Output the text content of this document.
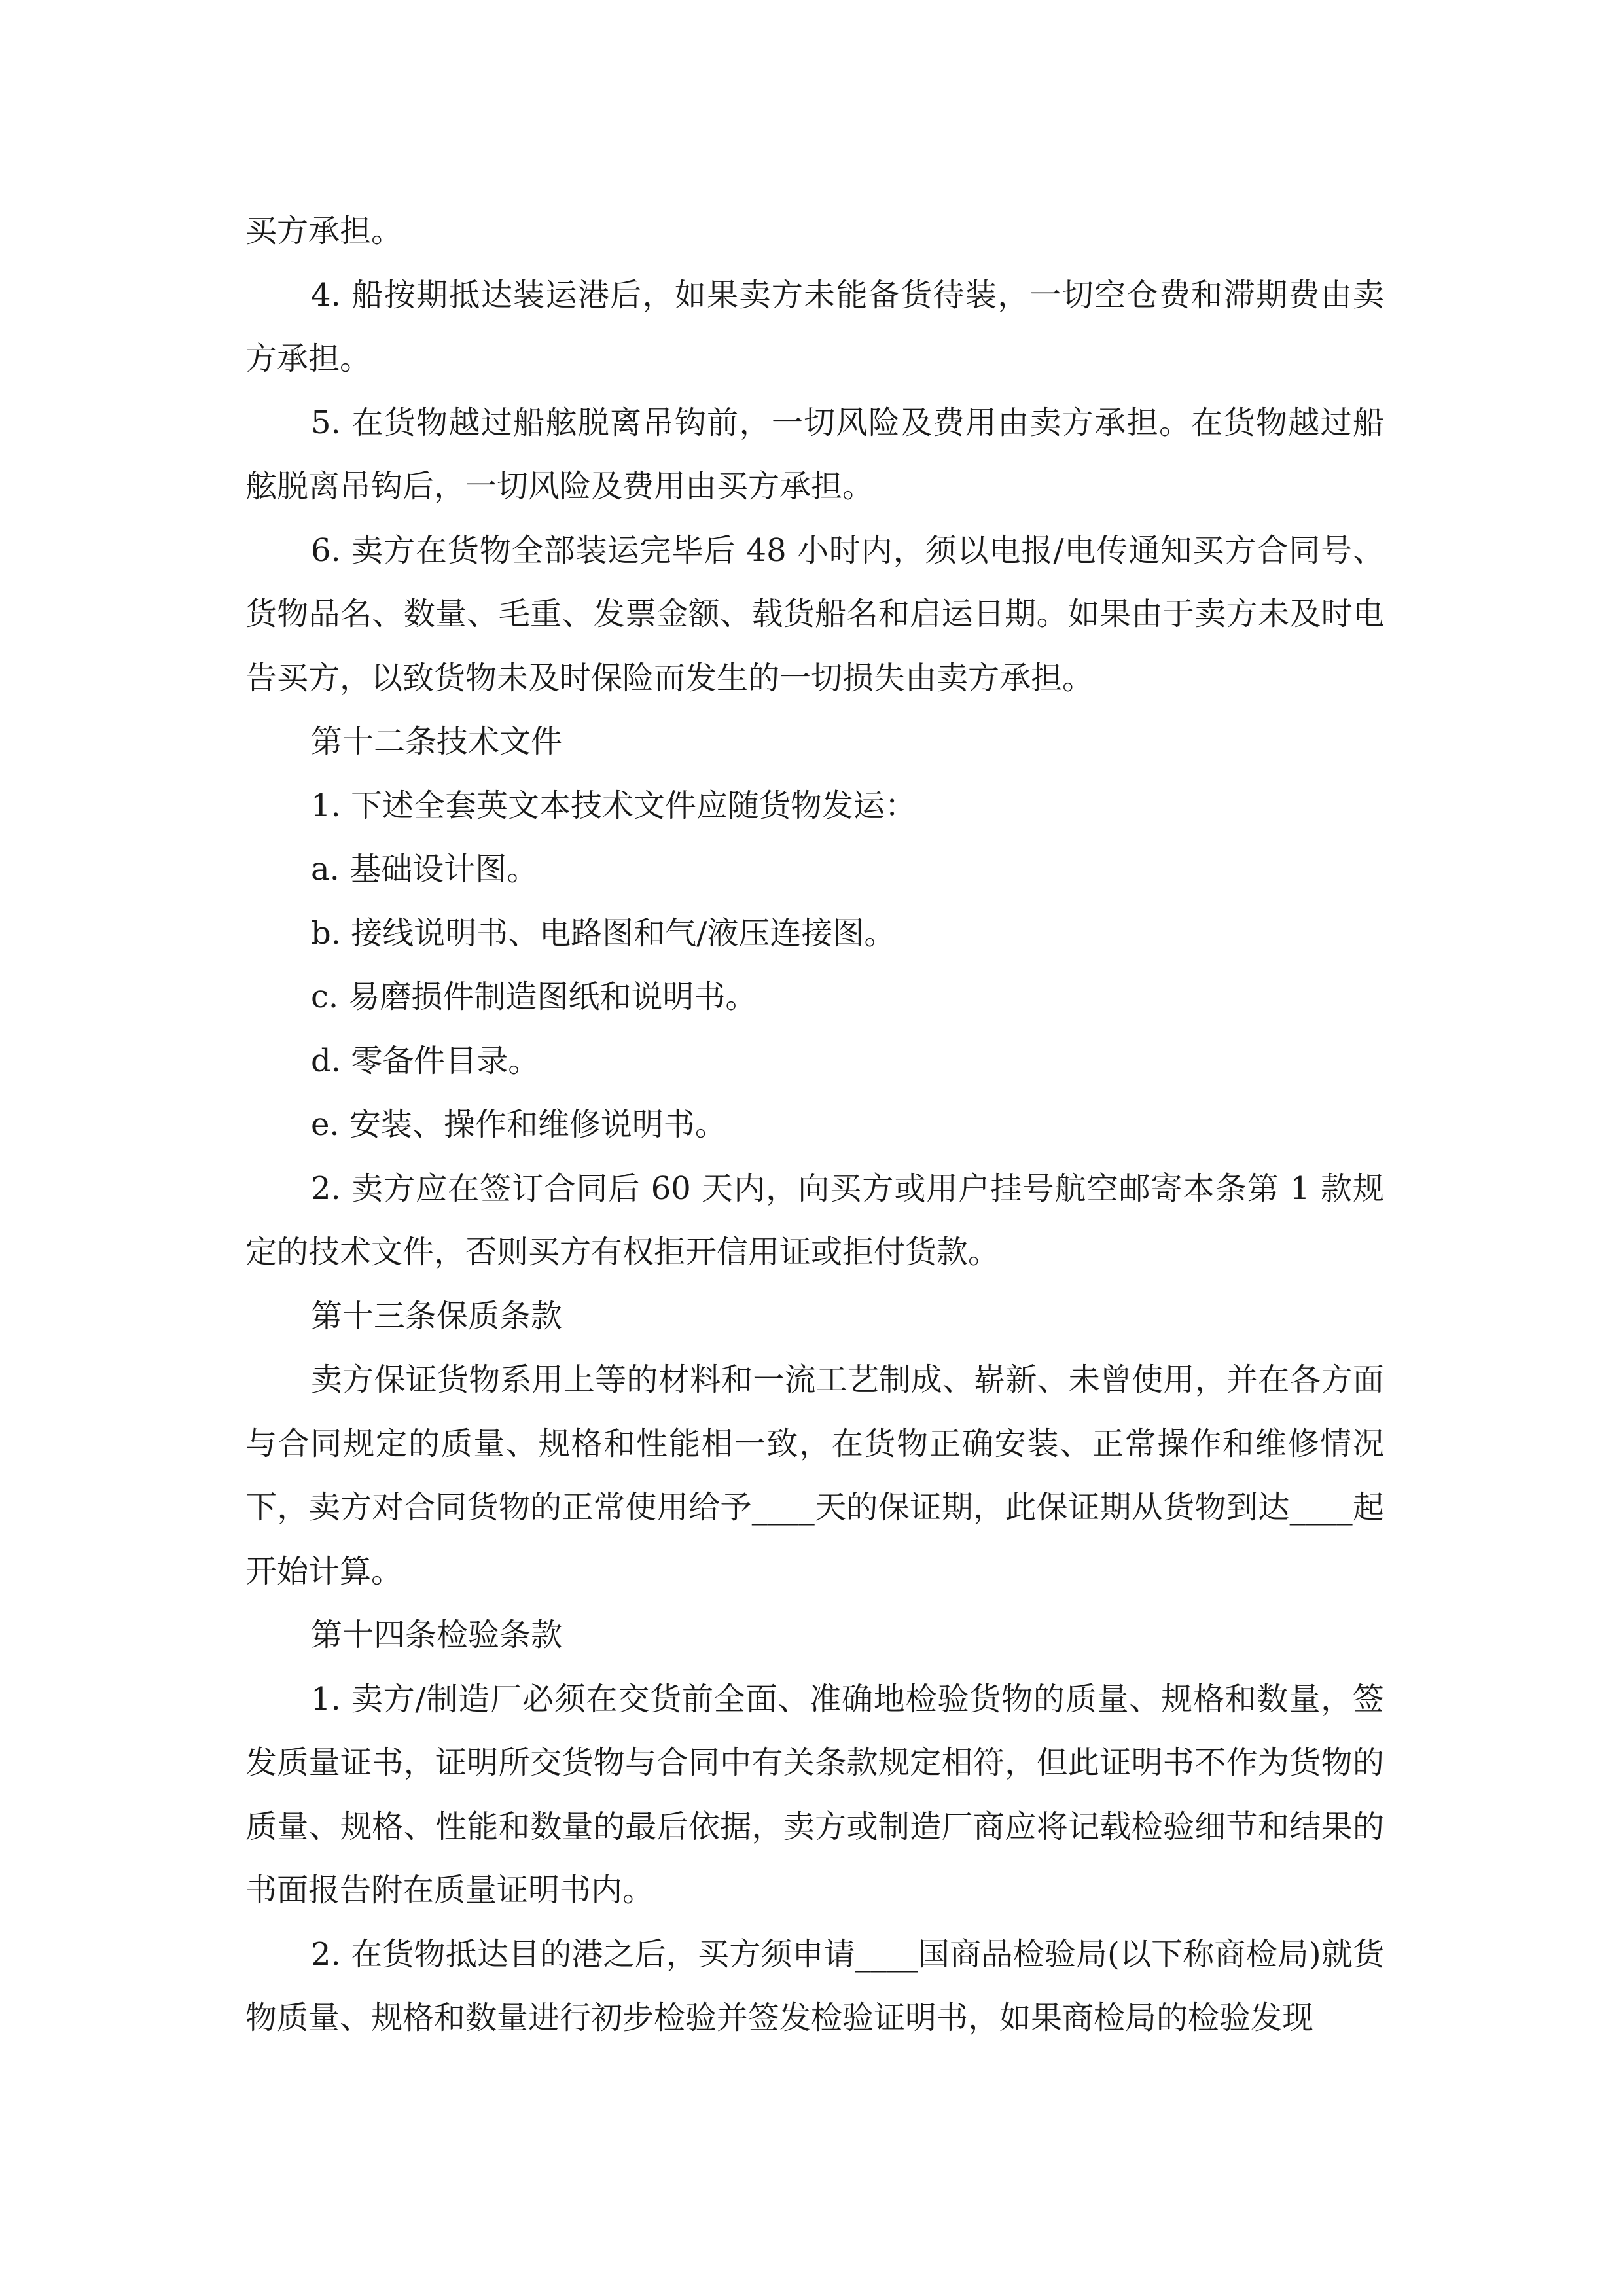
买方承担。

4. 船按期抵达装运港后，如果卖方未能备货待装，一切空仓费和滞期费由卖方承担。

5. 在货物越过船舷脱离吊钩前，一切风险及费用由卖方承担。在货物越过船舷脱离吊钩后，一切风险及费用由买方承担。

6. 卖方在货物全部装运完毕后 48 小时内，须以电报/电传通知买方合同号、货物品名、数量、毛重、发票金额、载货船名和启运日期。如果由于卖方未及时电告买方，以致货物未及时保险而发生的一切损失由卖方承担。

第十二条技术文件

1. 下述全套英文本技术文件应随货物发运：

a. 基础设计图。

b. 接线说明书、电路图和气/液压连接图。

c. 易磨损件制造图纸和说明书。

d. 零备件目录。

e. 安装、操作和维修说明书。

2. 卖方应在签订合同后 60 天内，向买方或用户挂号航空邮寄本条第 1 款规定的技术文件，否则买方有权拒开信用证或拒付货款。

第十三条保质条款

卖方保证货物系用上等的材料和一流工艺制成、崭新、未曾使用，并在各方面与合同规定的质量、规格和性能相一致，在货物正确安装、正常操作和维修情况下，卖方对合同货物的正常使用给予____天的保证期，此保证期从货物到达____起开始计算。

第十四条检验条款

1. 卖方/制造厂必须在交货前全面、准确地检验货物的质量、规格和数量，签发质量证书，证明所交货物与合同中有关条款规定相符，但此证明书不作为货物的质量、规格、性能和数量的最后依据，卖方或制造厂商应将记载检验细节和结果的书面报告附在质量证明书内。

2. 在货物抵达目的港之后，买方须申请____国商品检验局(以下称商检局)就货物质量、规格和数量进行初步检验并签发检验证明书，如果商检局的检验发现
